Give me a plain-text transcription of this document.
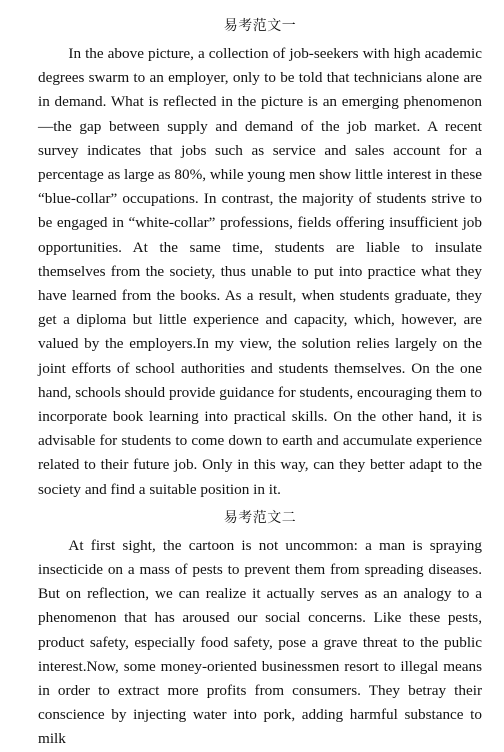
易考范文一

In the above picture, a collection of job-seekers with high academic degrees swarm to an employer, only to be told that technicians alone are in demand. What is reflected in the picture is an emerging phenomenon—the gap between supply and demand of the job market. A recent survey indicates that jobs such as service and sales account for a percentage as large as 80%, while young men show little interest in these “blue-collar” occupations. In contrast, the majority of students strive to be engaged in “white-collar” professions, fields offering insufficient job opportunities. At the same time, students are liable to insulate themselves from the society, thus unable to put into practice what they have learned from the books. As a result, when students graduate, they get a diploma but little experience and capacity, which, however, are valued by the employers.In my view, the solution relies largely on the joint efforts of school authorities and students themselves. On the one hand, schools should provide guidance for students, encouraging them to incorporate book learning into practical skills. On the other hand, it is advisable for students to come down to earth and accumulate experience related to their future job. Only in this way, can they better adapt to the society and find a suitable position in it.

易考范文二

At first sight, the cartoon is not uncommon: a man is spraying insecticide on a mass of pests to prevent them from spreading diseases. But on reflection, we can realize it actually serves as an analogy to a phenomenon that has aroused our social concerns. Like these pests, product safety, especially food safety, pose a grave threat to the public interest.Now, some money-oriented businessmen resort to illegal means in order to extract more profits from consumers. They betray their conscience by injecting water into pork, adding harmful substance to milk
